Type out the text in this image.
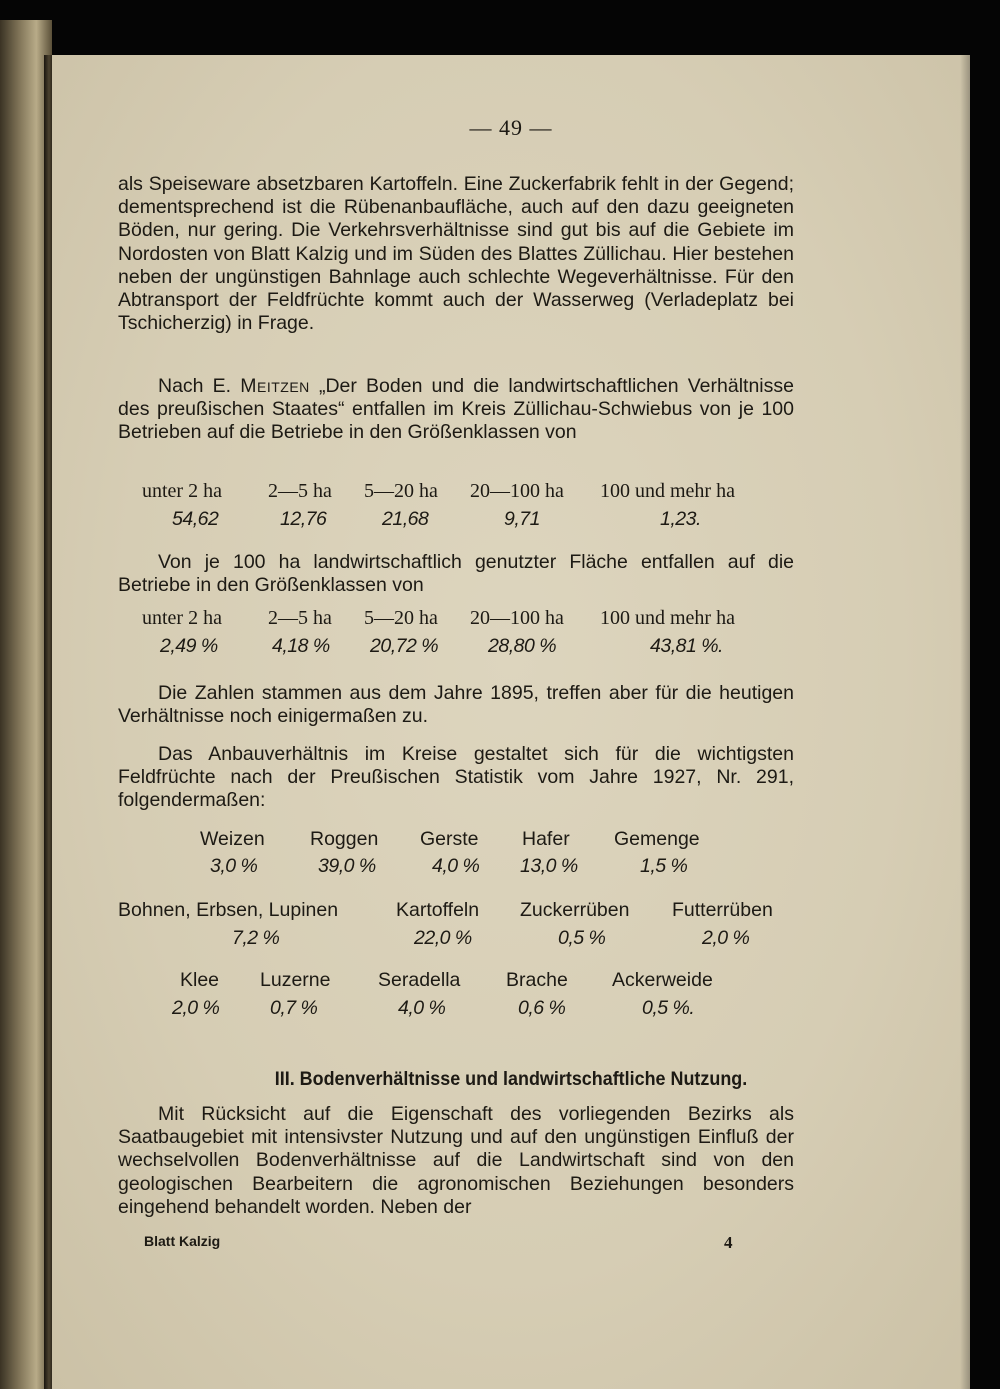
— 49 —
als Speiseware absetzbaren Kartoffeln. Eine Zuckerfabrik fehlt in der Gegend; dementsprechend ist die Rübenanbaufläche, auch auf den dazu geeigneten Böden, nur gering. Die Verkehrsverhältnisse sind gut bis auf die Gebiete im Nordosten von Blatt Kalzig und im Süden des Blattes Züllichau. Hier bestehen neben der ungünstigen Bahnlage auch schlechte Wegeverhältnisse. Für den Abtransport der Feldfrüchte kommt auch der Wasserweg (Verladeplatz bei Tschicherzig) in Frage.
Nach E. Meitzen „Der Boden und die landwirtschaftlichen Verhältnisse des preußischen Staates“ entfallen im Kreis Züllichau-Schwiebus von je 100 Betrieben auf die Betriebe in den Größenklassen von
unter 2 ha 2—5 ha 5—20 ha 20—100 ha 100 und mehr ha
54,62	12,76	21,68	9,71	1,23.
Von je 100 ha landwirtschaftlich genutzter Fläche entfallen auf die Betriebe in den Größenklassen von
unter 2 ha 2—5 ha 5—20 ha 20—100 ha 100 und mehr ha
2,49 %	4,18 % 20,72 %	28,80 %	43,81 %.
Die Zahlen stammen aus dem Jahre 1895, treffen aber für die heutigen Verhältnisse noch einigermaßen zu.
Das Anbauverhältnis im Kreise gestaltet sich für die wichtigsten Feldfrüchte nach der Preußischen Statistik vom Jahre 1927, Nr. 291, folgendermaßen:
Weizen Roggen Gerste Hafer Gemenge
3,0 %	39,0 %	4,0 % 13,0 %	1,5 %
Bohnen, Erbsen, Lupinen	Kartoffeln Zuckerrüben Futterrüben
7,2 %	22,0 %	0,5 %	2,0 %
Klee Luzerne Seradella Brache Ackerweide
2,0 %	0,7 %	4,0 %	0,6 %	0,5 %.
III. Bodenverhältnisse und landwirtschaftliche Nutzung.
Mit Rücksicht auf die Eigenschaft des vorliegenden Bezirks als Saatbaugebiet mit intensivster Nutzung und auf den ungünstigen Einfluß der wechselvollen Bodenverhältnisse auf die Landwirtschaft sind von den geologischen Bearbeitern die agronomischen Beziehungen besonders eingehend behandelt worden. Neben der
Blatt Kalzig	4
